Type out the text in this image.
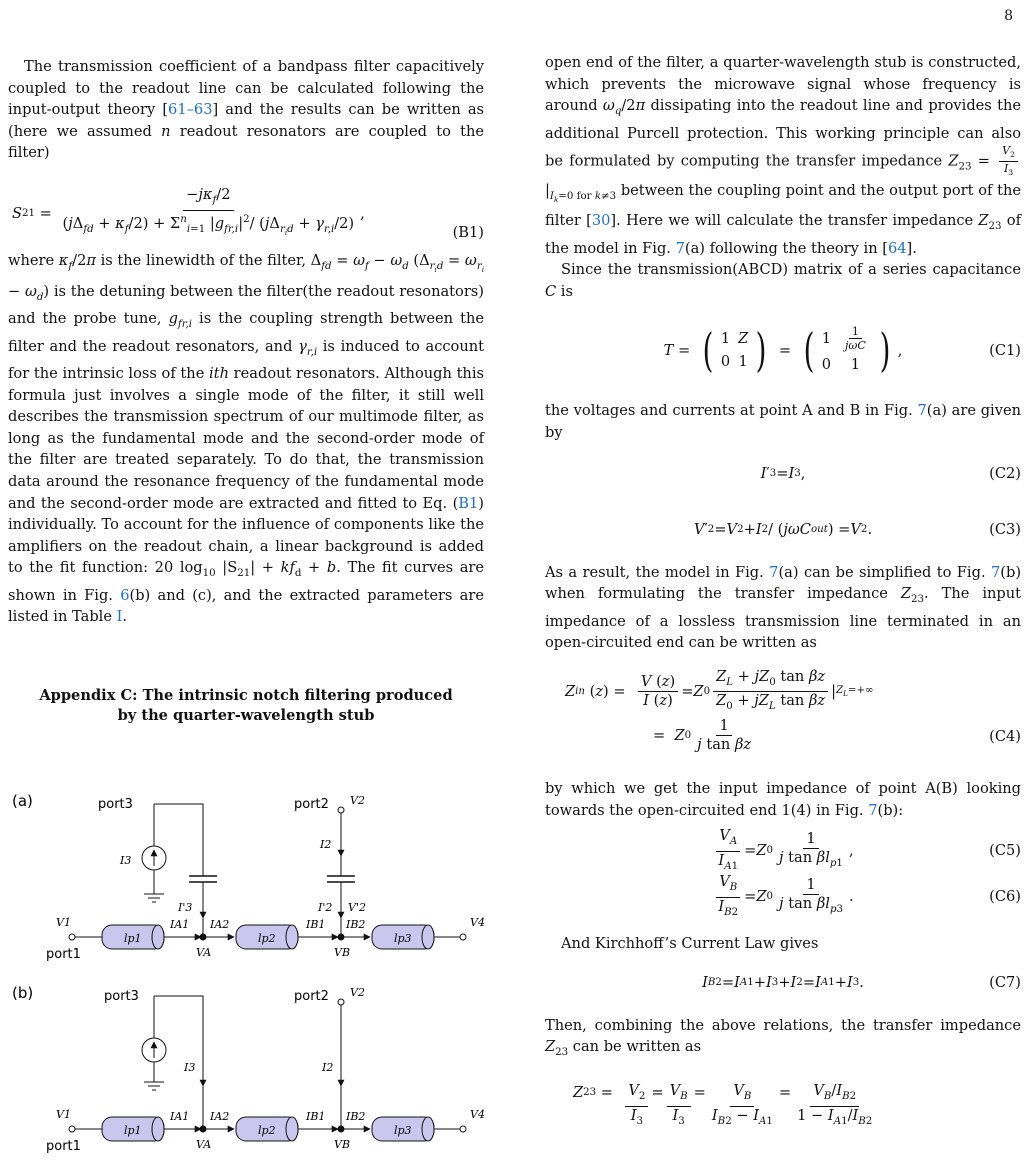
8

The transmission coefficient of a bandpass filter capacitively coupled to the readout line can be calculated following the input-output theory [61–63] and the results can be written as (here we assumed n readout resonators are coupled to the filter)

S $21 = \frac{-j\kappa_f/2}{(j\Delta_{fd} + \kappa_f/2) + \Sigma^n_{i=1} |g_{fr,i}|^2/ (j\Delta_{r_id} + \gamma_{r,i}/2)}$ ,
(B1)

where $\kappa_f/2\pi$ is the linewidth of the filter, $\Delta_{fd} = \omega_f - \omega_d$ $(\Delta_{r_id} = \omega_{r_i} - \omega_d)$ is the detuning between the filter(the readout resonators) and the probe tune, $g_{fr,i}$ is the coupling strength between the filter and the readout resonators, and $\gamma_{r,i}$ is induced to account for the intrinsic loss of the ith readout resonators. Although this formula just involves a single mode of the filter, it still well describes the transmission spectrum of our multimode filter, as long as the fundamental mode and the second-order mode of the filter are treated separately. To do that, the transmission data around the resonance frequency of the fundamental mode and the second-order mode are extracted and fitted to Eq. (B1) individually. To account for the influence of components like the amplifiers on the readout chain, a linear background is added to the fit function: 20 $\log_{10} |S_{21}| + kf_d + b$. The fit curves are shown in Fig. 6(b) and (c), and the extracted parameters are listed in Table I.

Appendix C: The intrinsic notch filtering produced
by the quarter-wavelength stub
(a)	port3
I3
I'3
port2 V2
I2
I'2 V'2
V1
port1
lp1	lp2	lp3
IA1 IA2	IB1 IB2
VA	VB
V4
(b)	port3
I3
port2 V2
I2
V1
port1
lp1	lp2	lp3
IA1 IA2	IB1 IB2
VA	VB
V4

open end of the filter, a quarter-wavelength stub is constructed, which prevents the microwave signal whose frequency is around $\omega_q/2\pi$ dissipating into the readout line and provides the additional Purcell protection. This working principle can also be formulated by computing the transfer impedance $Z_{23} = \frac{V_2}{I_3}$
$|_{I_k=0 for k\ne 3}$ between the coupling point and the output port of the filter [30]. Here we will calculate the transfer impedance $Z_{23}$ of the model in Fig. 7(a) following the theory in [64].

Since the transmission(ABCD) matrix of a series capacitance C is

T = ( 1	Z
0	1 ) = ( 1	$\frac{1}{\text{jωC}}$

0	1 ) ,	(C1)

the voltages and currents at point A and B in Fig. 7(a) are given by

I ′ 3 = I 3 ,	(C2)
V ′ 2 = V 2 + I 2 / ( jωC out ) = V 2 .	(C3)

As a result, the model in Fig. 7(a) can be simplified to Fig. 7(b) when formulating the transfer impedance $Z_{23}$. The input impedance of a lossless transmission line terminated in an open-circuited end can be written as

Z in ( z ) = $\frac{V (z)}{I (z)} = Z$ $0 \frac{Z_L + jZ_0 \tan \beta z}{Z_0 + jZ_L \tan \beta z}$ | $Z_L=+\infty$
= Z $0 \frac{1}{\text{j tan βz}}$	(C4)

by which we get the input impedance of point A(B) looking towards the open-circuited end 1(4) in Fig. 7(b):

$\frac{V_A}{I_{A1}} = Z$ $0 \frac{1}{j \tan \beta l_{p1}}$ ,	(C5)
$\frac{V_B}{I_{B2}} = Z$ $0 \frac{1}{j \tan \beta l_{p3}}$ .	(C6)

And Kirchhoff’s Current Law gives

I B2 = I A1 + I 3 + I 2 = I A1 + I 3 .	(C7)

Then, combining the above relations, the transfer impedance $Z_{23}$ can be written as

Z $23 = \frac{V_2}{I_3} = \frac{V_B}{I_3} = \frac{V_B}{I_{B2} - I_{A1}} = \frac{V_B/I_{B2}}{1 - I_{A1}/I_{B2}}$
